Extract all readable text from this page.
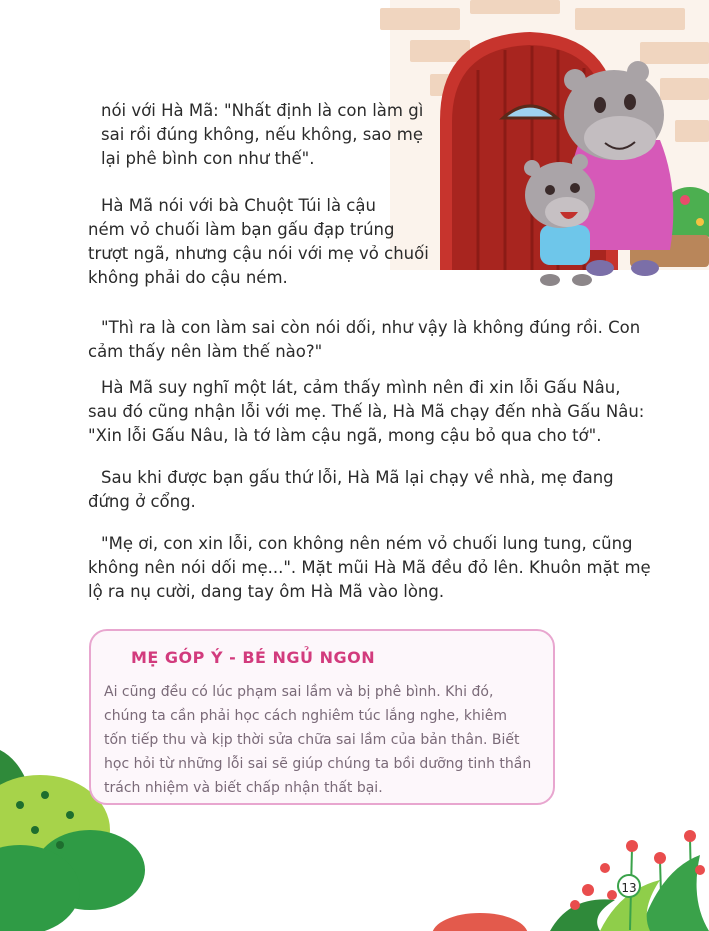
nói với Hà Mã: "Nhất định là con làm gì
sai rồi đúng không, nếu không, sao mẹ
lại phê bình con như thế".
Hà Mã nói với bà Chuột Túi là cậu
ném vỏ chuối làm bạn gấu đạp trúng
trượt ngã, nhưng cậu nói với mẹ vỏ chuối
không phải do cậu ném.
"Thì ra là con làm sai còn nói dối, như vậy là không đúng rồi. Con
cảm thấy nên làm thế nào?"
Hà Mã suy nghĩ một lát, cảm thấy mình nên đi xin lỗi Gấu Nâu,
sau đó cũng nhận lỗi với mẹ. Thế là, Hà Mã chạy đến nhà Gấu Nâu:
"Xin lỗi Gấu Nâu, là tớ làm cậu ngã, mong cậu bỏ qua cho tớ".
Sau khi được bạn gấu thứ lỗi, Hà Mã lại chạy về nhà, mẹ đang
đứng ở cổng.
"Mẹ ơi, con xin lỗi, con không nên ném vỏ chuối lung tung, cũng
không nên nói dối mẹ...". Mặt mũi Hà Mã đều đỏ lên. Khuôn mặt mẹ
lộ ra nụ cười, dang tay ôm Hà Mã vào lòng.
MẸ GÓP Ý - BÉ NGỦ NGON
Ai cũng đều có lúc phạm sai lầm và bị phê bình. Khi đó,
chúng ta cần phải học cách nghiêm túc lắng nghe, khiêm
tốn tiếp thu và kịp thời sửa chữa sai lầm của bản thân. Biết
học hỏi từ những lỗi sai sẽ giúp chúng ta bồi dưỡng tinh thần
trách nhiệm và biết chấp nhận thất bại.
13
